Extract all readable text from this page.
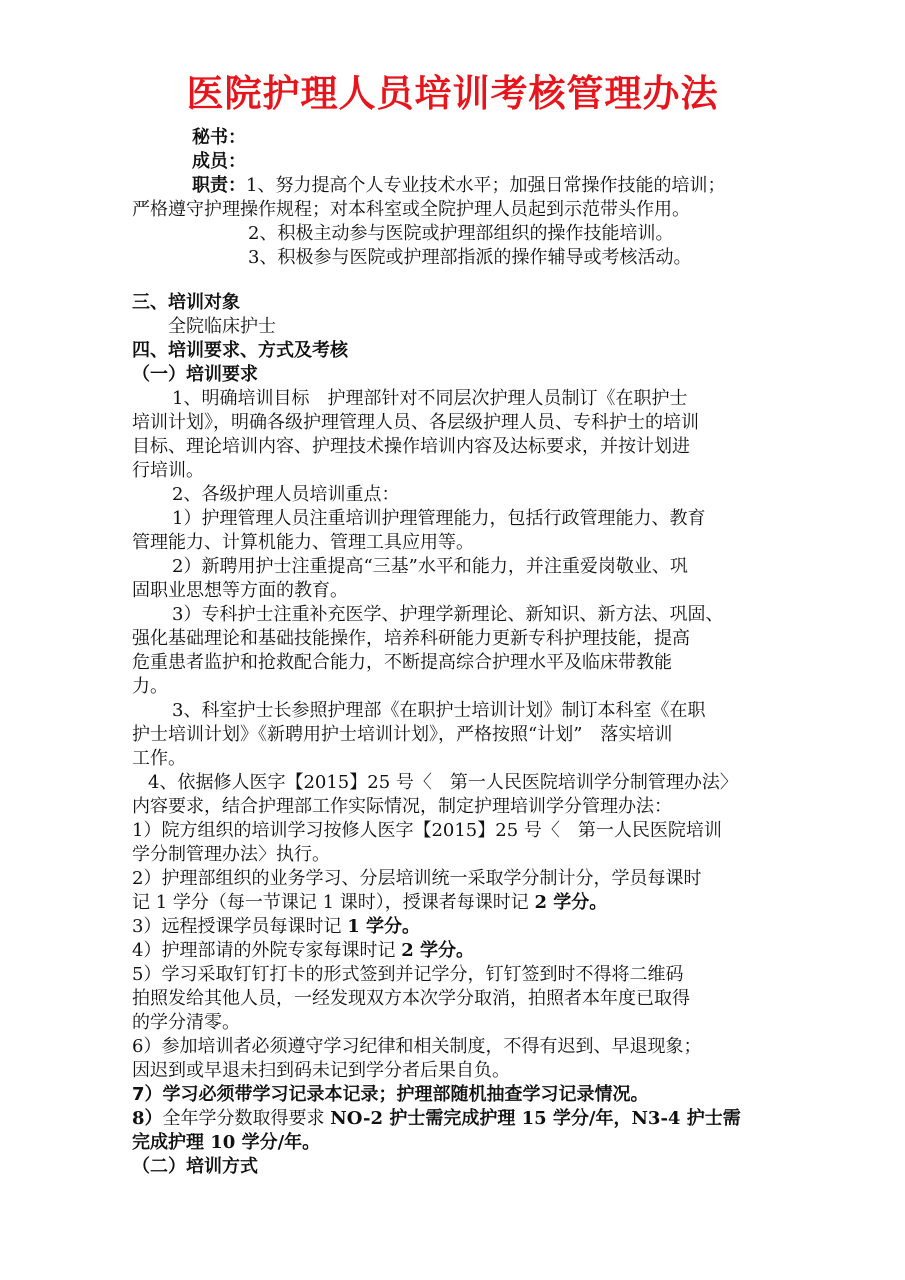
医院护理人员培训考核管理办法
秘书：
成员：
职责：1、努力提高个人专业技术水平；加强日常操作技能的培训；
严格遵守护理操作规程；对本科室或全院护理人员起到示范带头作用。
2、积极主动参与医院或护理部组织的操作技能培训。
3、积极参与医院或护理部指派的操作辅导或考核活动。
三、培训对象
全院临床护士
四、培训要求、方式及考核
（一）培训要求
1、明确培训目标　护理部针对不同层次护理人员制订《在职护士
培训计划》，明确各级护理管理人员、各层级护理人员、专科护士的培训
目标、理论培训内容、护理技术操作培训内容及达标要求，并按计划进
行培训。
2、各级护理人员培训重点：
1）护理管理人员注重培训护理管理能力，包括行政管理能力、教育
管理能力、计算机能力、管理工具应用等。
2）新聘用护士注重提高“三基”水平和能力，并注重爱岗敬业、巩
固职业思想等方面的教育。
3）专科护士注重补充医学、护理学新理论、新知识、新方法、巩固、
强化基础理论和基础技能操作，培养科研能力更新专科护理技能，提高
危重患者监护和抢救配合能力，不断提高综合护理水平及临床带教能
力。
3、科室护士长参照护理部《在职护士培训计划》制订本科室《在职
护士培训计划》《新聘用护士培训计划》，严格按照“计划”　落实培训
工作。
4、依据修人医字【2015】25 号〈　第一人民医院培训学分制管理办法〉
内容要求，结合护理部工作实际情况，制定护理培训学分管理办法：
1）院方组织的培训学习按修人医字【2015】25 号〈　第一人民医院培训
学分制管理办法〉执行。
2）护理部组织的业务学习、分层培训统一采取学分制计分，学员每课时
记 1 学分（每一节课记 1 课时），授课者每课时记 2 学分。
3）远程授课学员每课时记 1 学分。
4）护理部请的外院专家每课时记 2 学分。
5）学习采取钉钉打卡的形式签到并记学分，钉钉签到时不得将二维码
拍照发给其他人员，一经发现双方本次学分取消，拍照者本年度已取得
的学分清零。
6）参加培训者必须遵守学习纪律和相关制度，不得有迟到、早退现象；
因迟到或早退未扫到码未记到学分者后果自负。
7）学习必须带学习记录本记录；护理部随机抽查学习记录情况。
8）全年学分数取得要求 NO-2 护士需完成护理 15 学分/年，N3-4 护士需
完成护理 10 学分/年。
（二）培训方式
